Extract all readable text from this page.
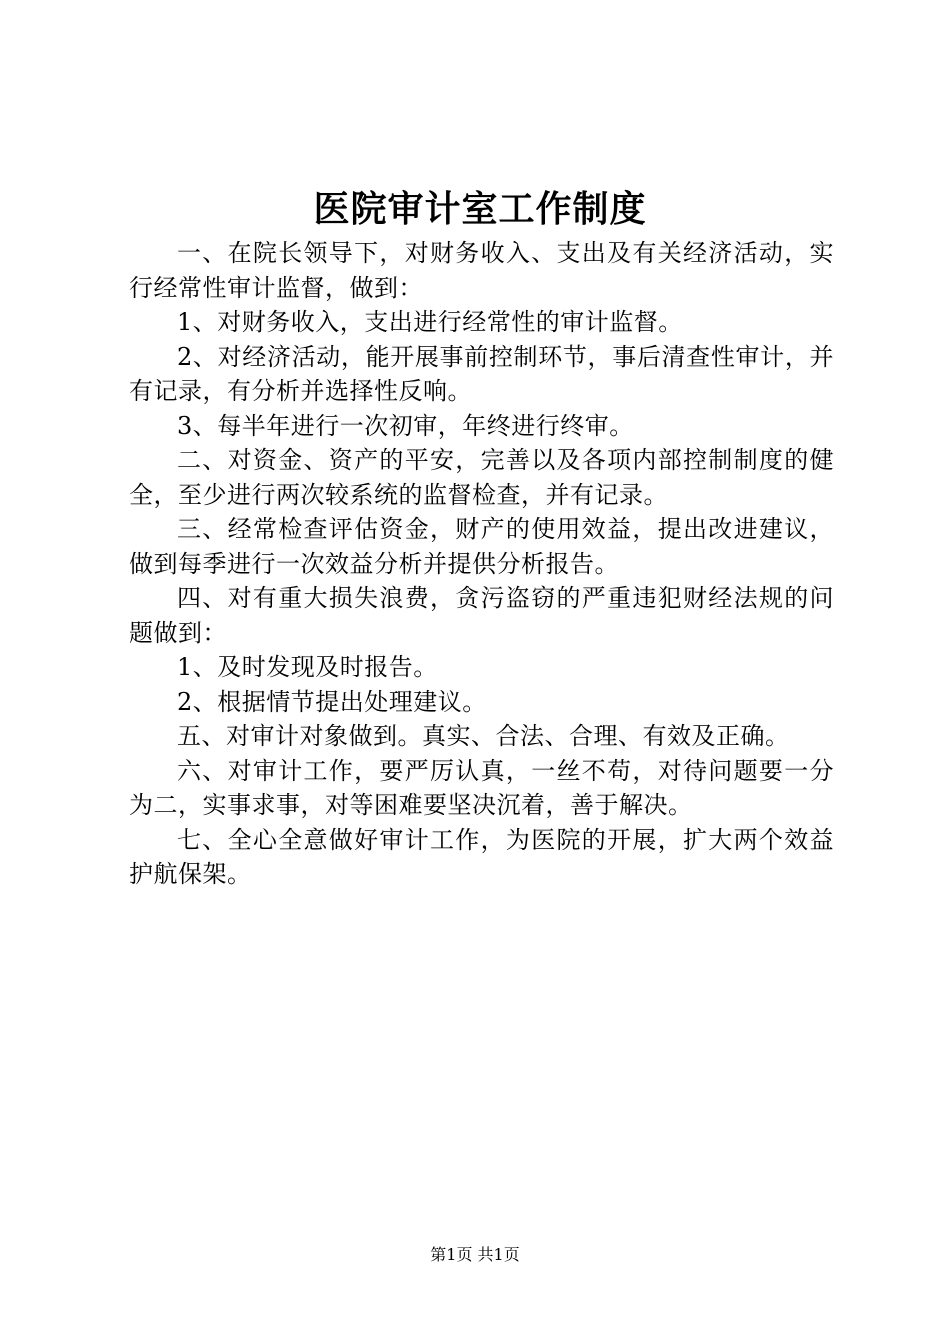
医院审计室工作制度

一、在院长领导下，对财务收入、支出及有关经济活动，实行经常性审计监督，做到：

1、对财务收入，支出进行经常性的审计监督。

2、对经济活动，能开展事前控制环节，事后清查性审计，并有记录，有分析并选择性反响。

3、每半年进行一次初审，年终进行终审。

二、对资金、资产的平安，完善以及各项内部控制制度的健全，至少进行两次较系统的监督检查，并有记录。

三、经常检查评估资金，财产的使用效益，提出改进建议，做到每季进行一次效益分析并提供分析报告。

四、对有重大损失浪费，贪污盗窃的严重违犯财经法规的问题做到：

1、及时发现及时报告。

2、根据情节提出处理建议。

五、对审计对象做到。真实、合法、合理、有效及正确。

六、对审计工作，要严厉认真，一丝不苟，对待问题要一分为二，实事求事，对等困难要坚决沉着，善于解决。

七、全心全意做好审计工作，为医院的开展，扩大两个效益护航保架。

第1页 共1页
